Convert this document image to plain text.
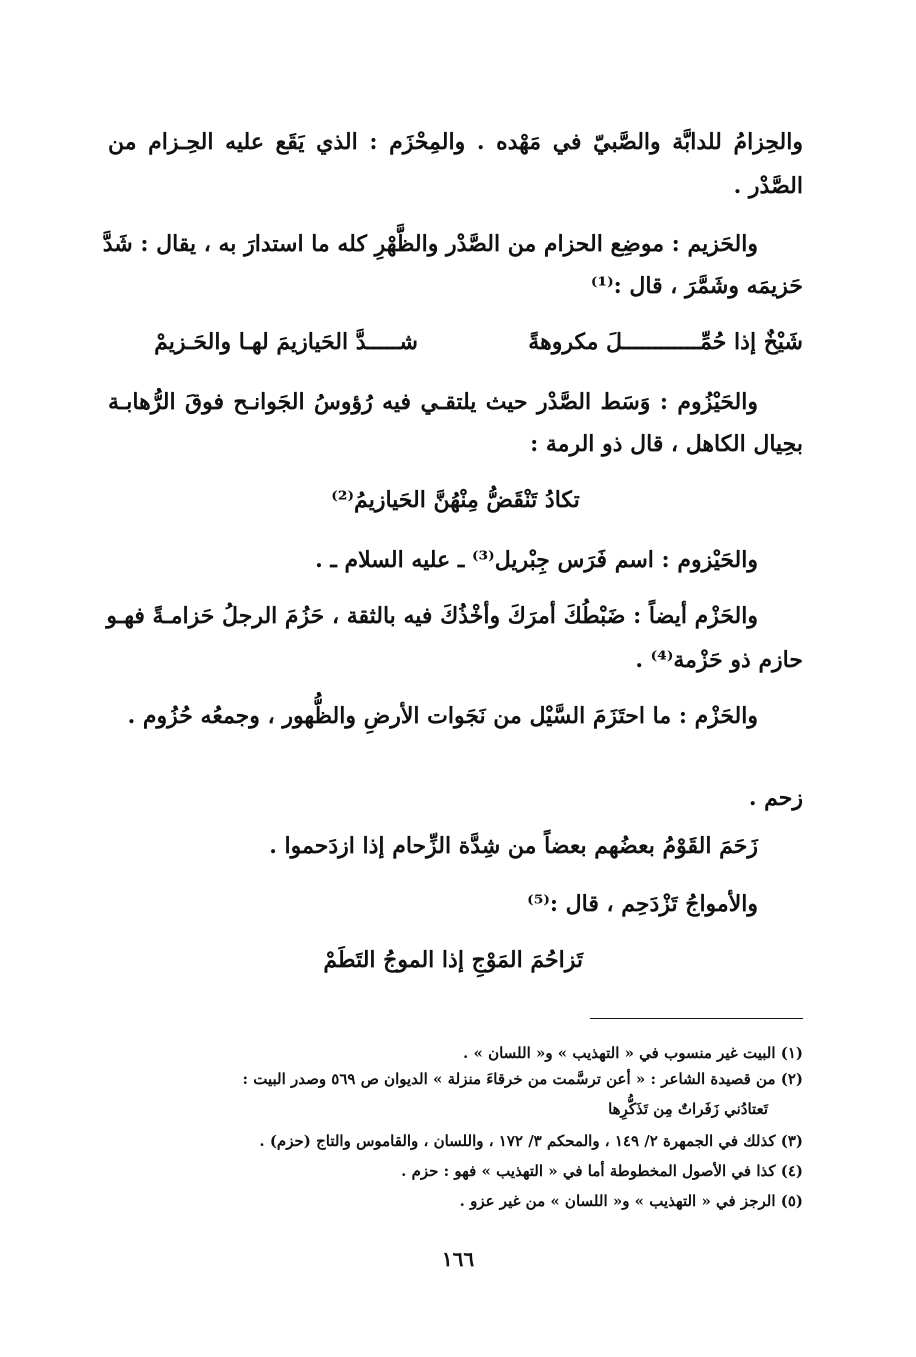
والحِزامُ للدابَّة والصَّبيّ في مَهْده . والمِحْزَم : الذي يَقَع عليه الحِـزام من
الصَّدْر .
والحَزيم : موضِع الحزام من الصَّدْر والظَّهْرِ كله ما استدارَ به ، يقال : شَدَّ
حَزيمَه وشَمَّرَ ، قال :⁽¹⁾
شَيْخٌ إذا حُمِّــــــــــــلَ مكروهةً
شـــــدَّ الحَيازيمَ لهـا والحَـزيمْ
والحَيْزُوم : وَسَط الصَّدْر حيث يلتقـي فيه رُؤوسُ الجَوانـح فوقَ الرُّهابـة
بحِيال الكاهل ، قال ذو الرمة :
تكادُ تَنْقَضُّ مِنْهُنَّ الحَيازيمُ⁽²⁾
والحَيْزوم : اسم فَرَس جِبْريل⁽³⁾ ـ عليه السلام ـ .
والحَزْم أيضاً : ضَبْطُكَ أمرَكَ وأخْذُكَ فيه بالثقة ، حَزُمَ الرجلُ حَزامـةً فهـو
حازم ذو حَزْمة⁽⁴⁾ .
والحَزْم : ما احتَزَمَ السَّيْل من نَجَوات الأرضِ والظُّهور ، وجمعُه حُزُوم .
زحم .
زَحَمَ القَوْمُ بعضُهم بعضاً من شِدَّة الزِّحام إذا ازدَحموا .
والأمواجُ تَزْدَحِم ، قال :⁽⁵⁾
تَزاحُمَ المَوْجِ إذا الموجُ التَطَمْ
(١) البيت غير منسوب في « التهذيب » و« اللسان » .
(٢) من قصيدة الشاعر : « أعن ترسَّمت من خرقاءَ منزلة » الديوان ص ٥٦٩ وصدر البيت :
تَعتادُني زَفَراتٌ مِن تَذَكُّرِها
(٣) كذلك في الجمهرة ٢/ ١٤٩ ، والمحكم ٣/ ١٧٢ ، واللسان ، والقاموس والتاج (حزم) .
(٤) كذا في الأصول المخطوطة أما في « التهذيب » فهو : حزم .
(٥) الرجز في « التهذيب » و« اللسان » من غير عزو .
١٦٦
